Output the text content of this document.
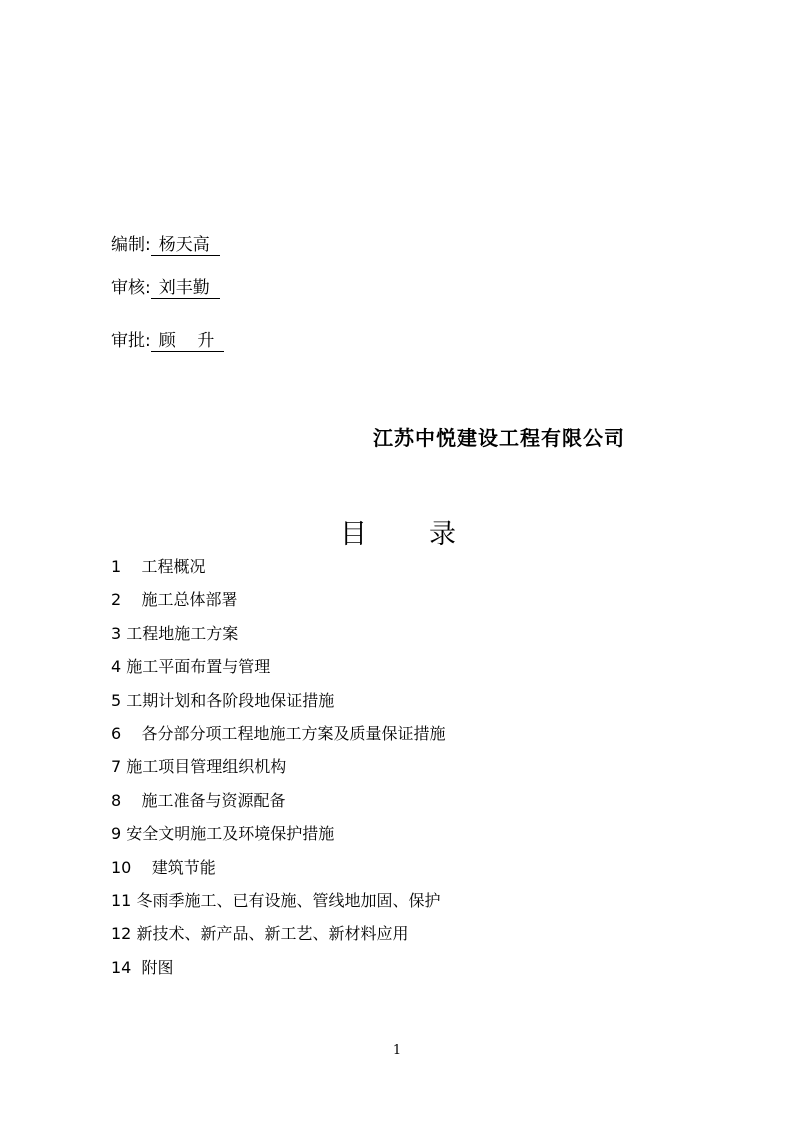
编制: 杨天高
审核: 刘丰勤
审批: 顾    升
江苏中悦建设工程有限公司
目 录
1    工程概况
2    施工总体部署
3 工程地施工方案
4 施工平面布置与管理
5 工期计划和各阶段地保证措施
6    各分部分项工程地施工方案及质量保证措施
7 施工项目管理组织机构
8    施工准备与资源配备
9 安全文明施工及环境保护措施
10    建筑节能
11 冬雨季施工、已有设施、管线地加固、保护
12 新技术、新产品、新工艺、新材料应用
14  附图
1
